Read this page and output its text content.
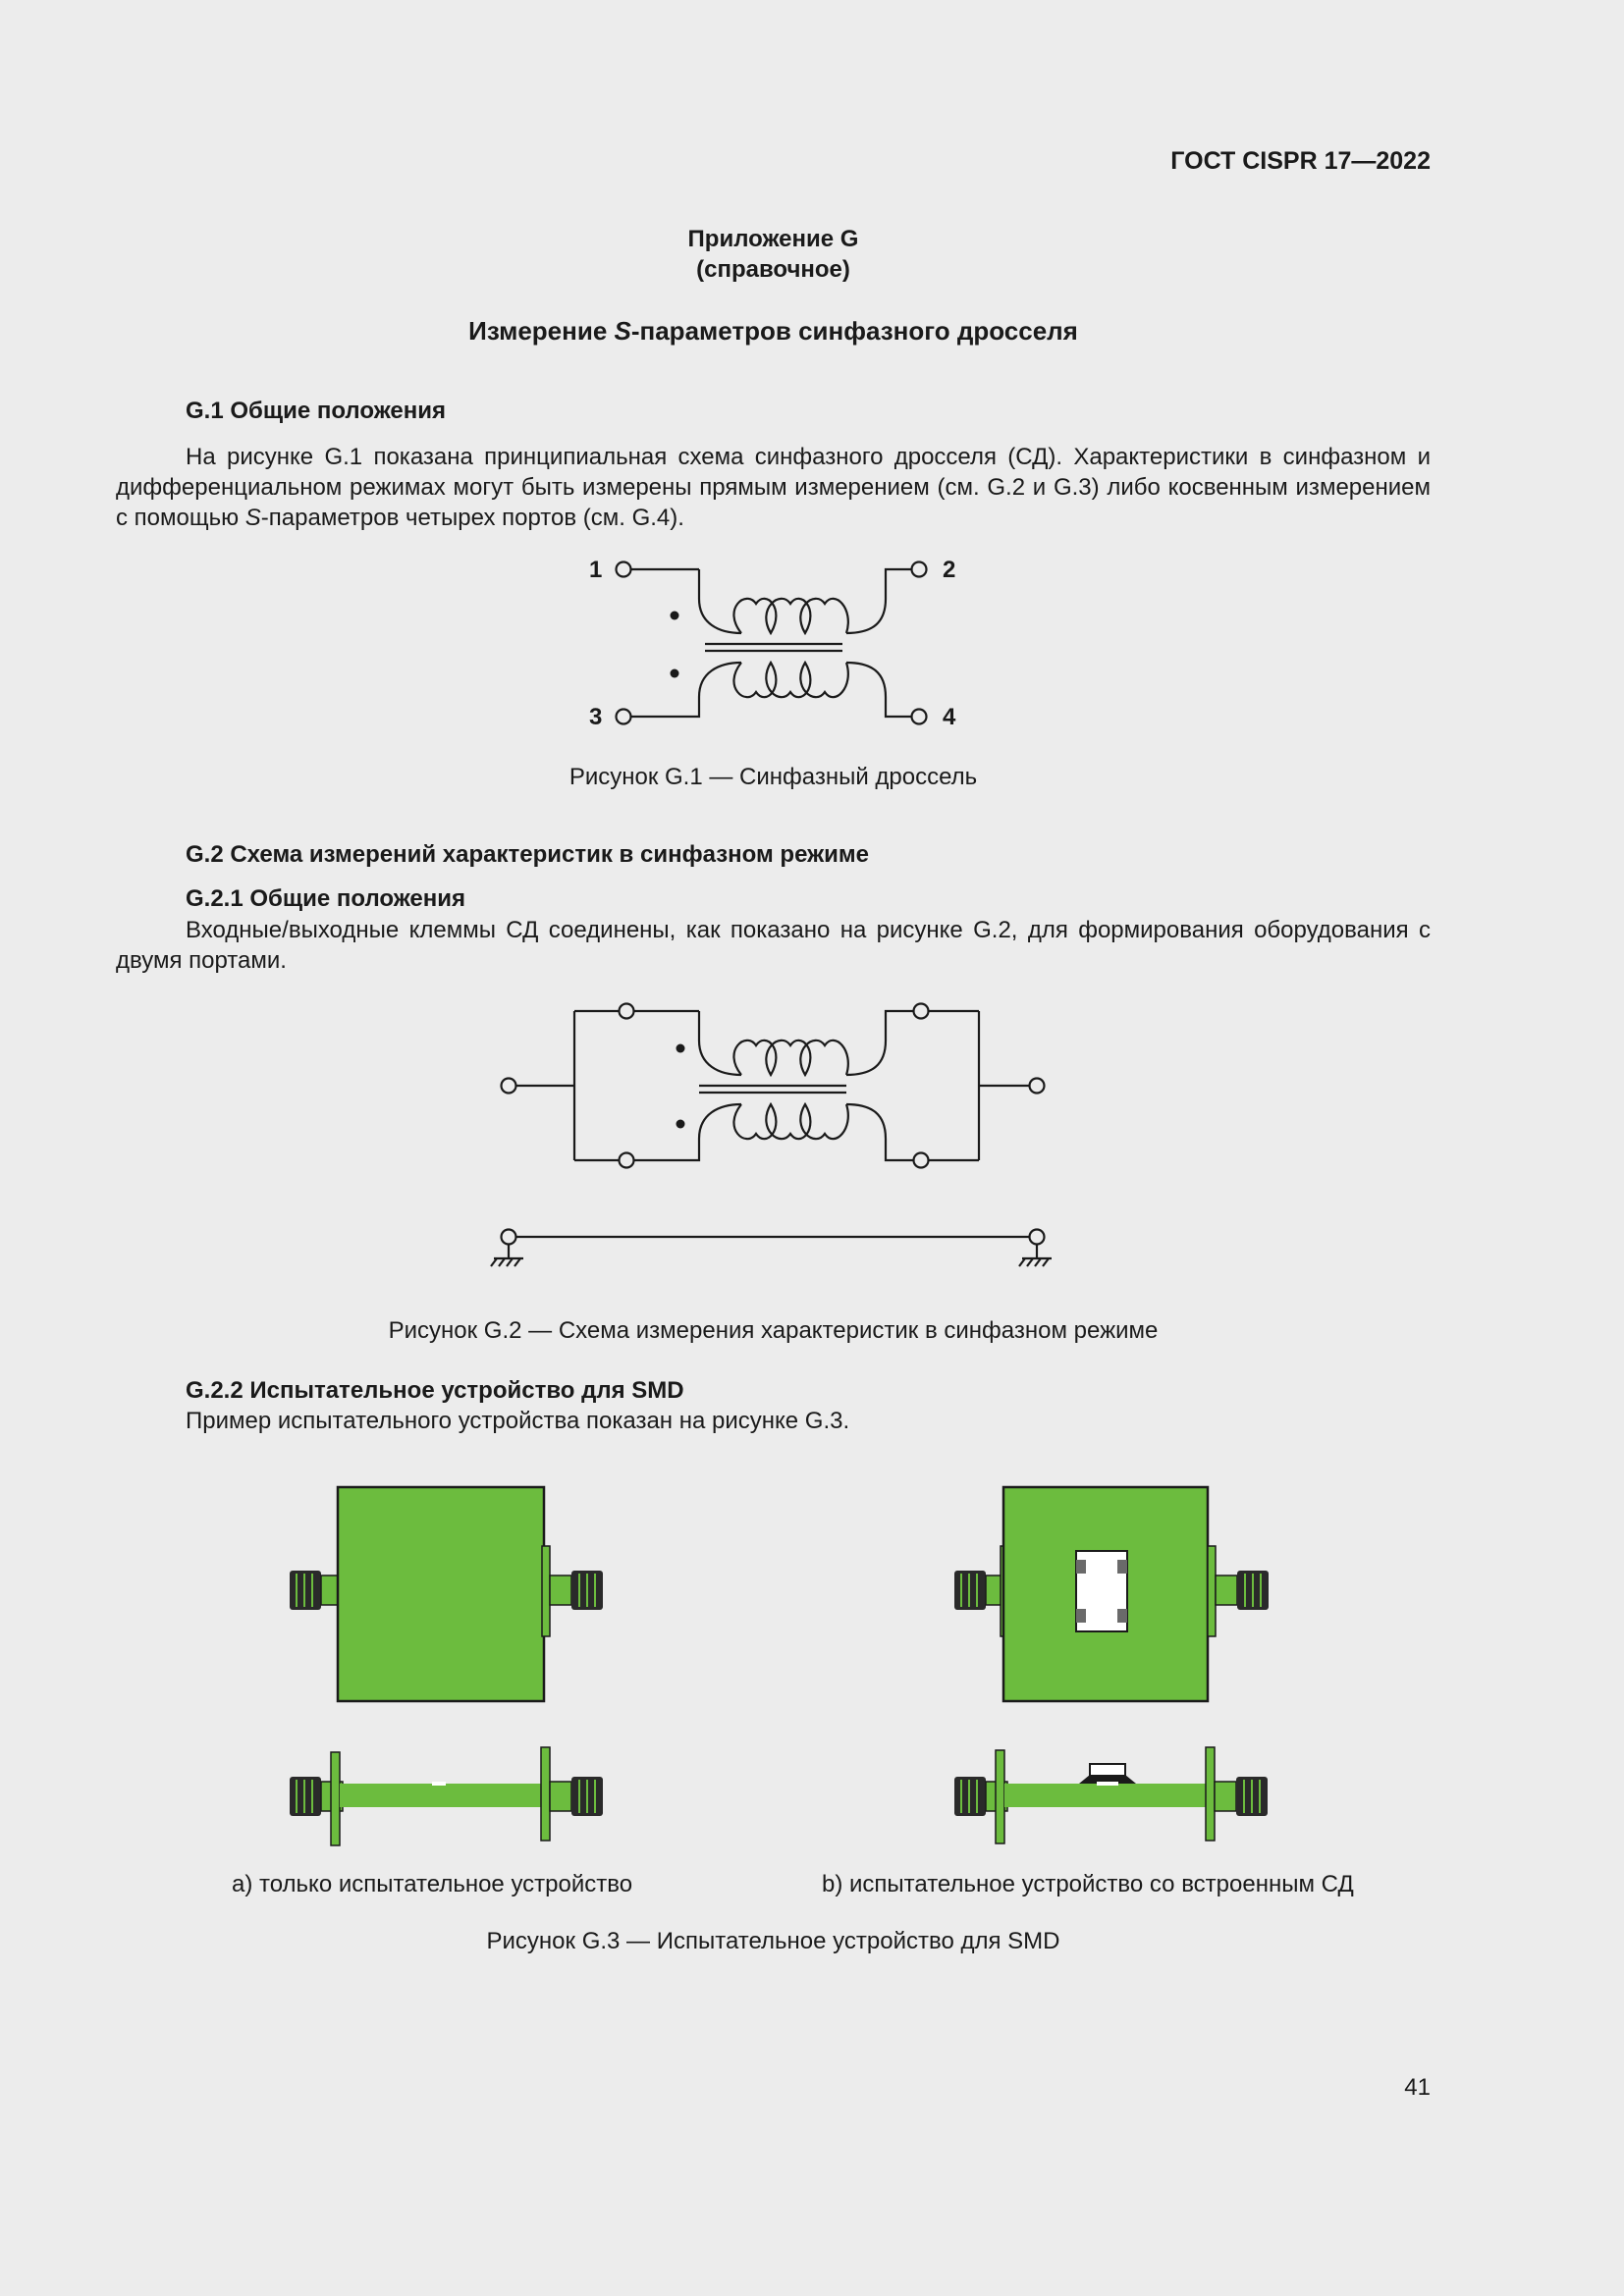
ГОСТ CISPR 17—2022
Приложение G
(справочное)
Измерение S-параметров синфазного дросселя
G.1 Общие положения

На рисунке G.1 показана принципиальная схема синфазного дросселя (СД). Характеристики в синфазном и дифференциальном режимах могут быть измерены прямым измерением (см. G.2 и G.3) либо косвенным измерением с помощью S-параметров четырех портов (см. G.4).

1	2
3	4
Рисунок G.1 — Синфазный дроссель
G.2 Схема измерений характеристик в синфазном режиме
G.2.1 Общие положения

Входные/выходные клеммы СД соединены, как показано на рисунке G.2, для формирования оборудования с двумя портами.

Рисунок G.2 — Схема измерения характеристик в синфазном режиме
G.2.2 Испытательное устройство для SMD
Пример испытательного устройства показан на рисунке G.3.
a) только испытательное устройство	b) испытательное устройство со встроенным СД
Рисунок G.3 — Испытательное устройство для SMD
41
